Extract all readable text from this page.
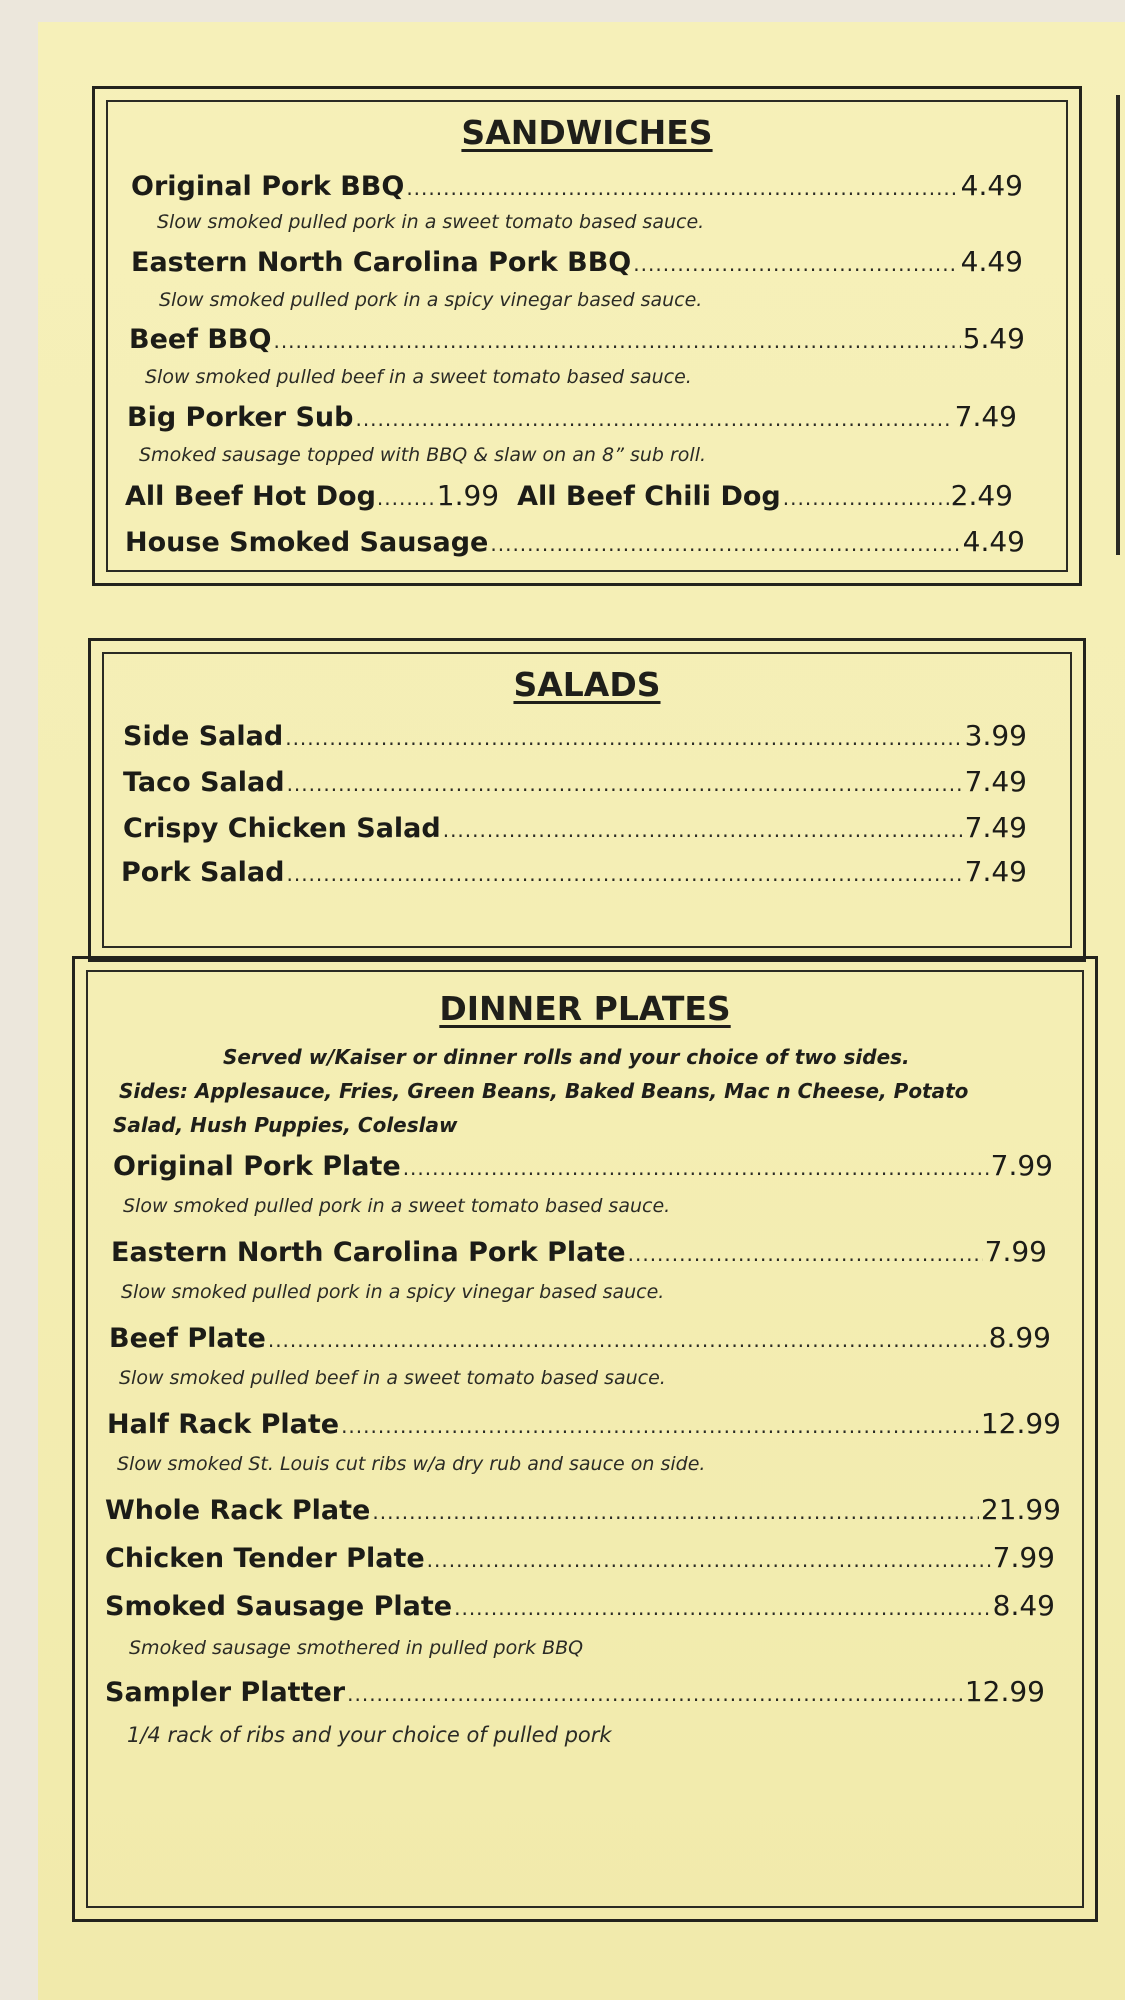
SANDWICHES
Original Pork BBQ .....	4.49
Slow smoked pulled pork in a sweet tomato based sauce.
Eastern North Carolina Pork BBQ .....	4.49
Slow smoked pulled pork in a spicy vinegar based sauce.
Beef BBQ .....	5.49
Slow smoked pulled beef in a sweet tomato based sauce.
Big Porker Sub .....	7.49
Smoked sausage topped with BBQ & slaw on an 8” sub roll.
All Beef Hot Dog ........ 1.99 All Beef Chili Dog .....	2.49
House Smoked Sausage .....	4.49
SALADS
Side Salad .....	3.99
Taco Salad .....	7.49
Crispy Chicken Salad .....	7.49
Pork Salad .....	7.49
DINNER PLATES
Served w/Kaiser or dinner rolls and your choice of two sides.
Sides: Applesauce, Fries, Green Beans, Baked Beans, Mac n Cheese, Potato
Salad, Hush Puppies, Coleslaw
Original Pork Plate .....	7.99
Slow smoked pulled pork in a sweet tomato based sauce.
Eastern North Carolina Pork Plate .....	7.99
Slow smoked pulled pork in a spicy vinegar based sauce.
Beef Plate .....	8.99
Slow smoked pulled beef in a sweet tomato based sauce.
Half Rack Plate .....	12.99
Slow smoked St. Louis cut ribs w/a dry rub and sauce on side.
Whole Rack Plate .....	21.99
Chicken Tender Plate .....	7.99
Smoked Sausage Plate .....	8.49
Smoked sausage smothered in pulled pork BBQ
Sampler Platter .....	12.99
1/4 rack of ribs and your choice of pulled pork
